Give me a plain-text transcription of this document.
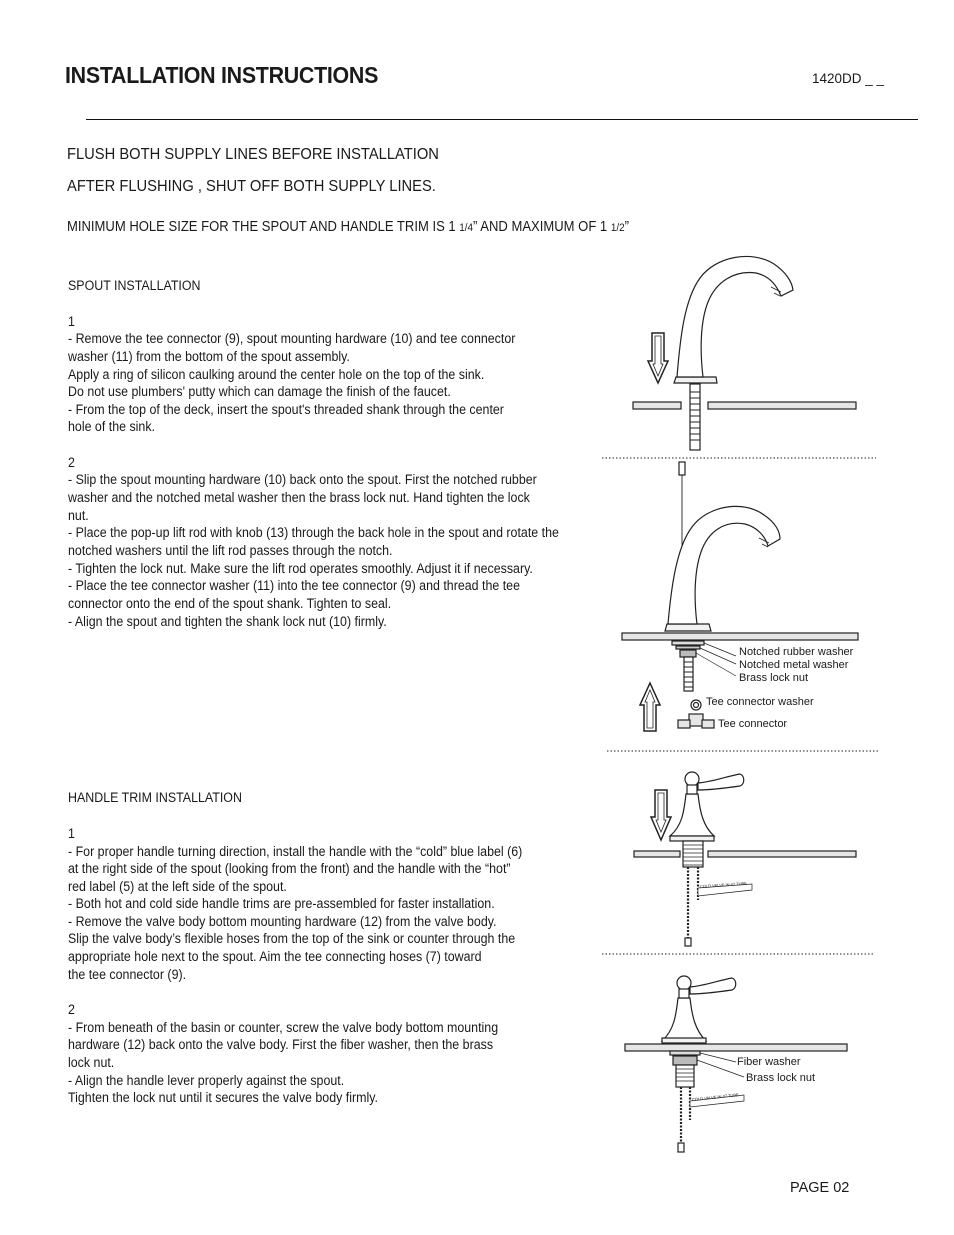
INSTALLATION INSTRUCTIONS	1420DD _ _
FLUSH BOTH SUPPLY LINES BEFORE INSTALLATION
AFTER FLUSHING , SHUT OFF BOTH SUPPLY LINES.
MINIMUM HOLE SIZE FOR THE SPOUT AND HANDLE TRIM IS 1 1/4” AND MAXIMUM OF 1 1/2”
SPOUT INSTALLATION
1
- Remove the tee connector (9), spout mounting hardware (10) and tee connector
washer (11) from the bottom of the spout assembly.
Apply a ring of silicon caulking around the center hole on the top of the sink.
Do not use plumbers' putty which can damage the finish of the faucet.
- From the top of the deck, insert the spout's threaded shank through the center
hole of the sink.
2
- Slip the spout mounting hardware (10) back onto the spout. First the notched rubber
washer and the notched metal washer then the brass lock nut. Hand tighten the lock
nut.
- Place the pop-up lift rod with knob (13) through the back hole in the spout and rotate the
notched washers until the lift rod passes through the notch.
- Tighten the lock nut. Make sure the lift rod operates smoothly. Adjust it if necessary.
- Place the tee connector washer (11) into the tee connector (9) and thread the tee
connector onto the end of the spout shank. Tighten to seal.
- Align the spout and tighten the shank lock nut (10) firmly.
HANDLE TRIM INSTALLATION
1
- For proper handle turning direction, install the handle with the “cold” blue label (6)
at the right side of the spout (looking from the front) and the handle with the “hot”
red label (5) at the left side of the spout.
- Both hot and cold side handle trims are pre-assembled for faster installation.
- Remove the valve body bottom mounting hardware (12) from the valve body.
Slip the valve body’s flexible hoses from the top of the sink or counter through the
appropriate hole next to the spout. Aim the tee connecting hoses (7) toward
the tee connector (9).
2
- From beneath of the basin or counter, screw the valve body bottom mounting
hardware (12) back onto the valve body. First the fiber washer, then the brass
lock nut.
- Align the handle lever properly against the spout.
Tighten the lock nut until it secures the valve body firmly.
Notched rubber washer
Notched metal washer
Brass lock nut
Tee connector washer
Tee connector
Fiber washer
Brass lock nut
COLD VALVE IN #7 TUBE
COLD VALVE IN #7 TUBE
PAGE 02
